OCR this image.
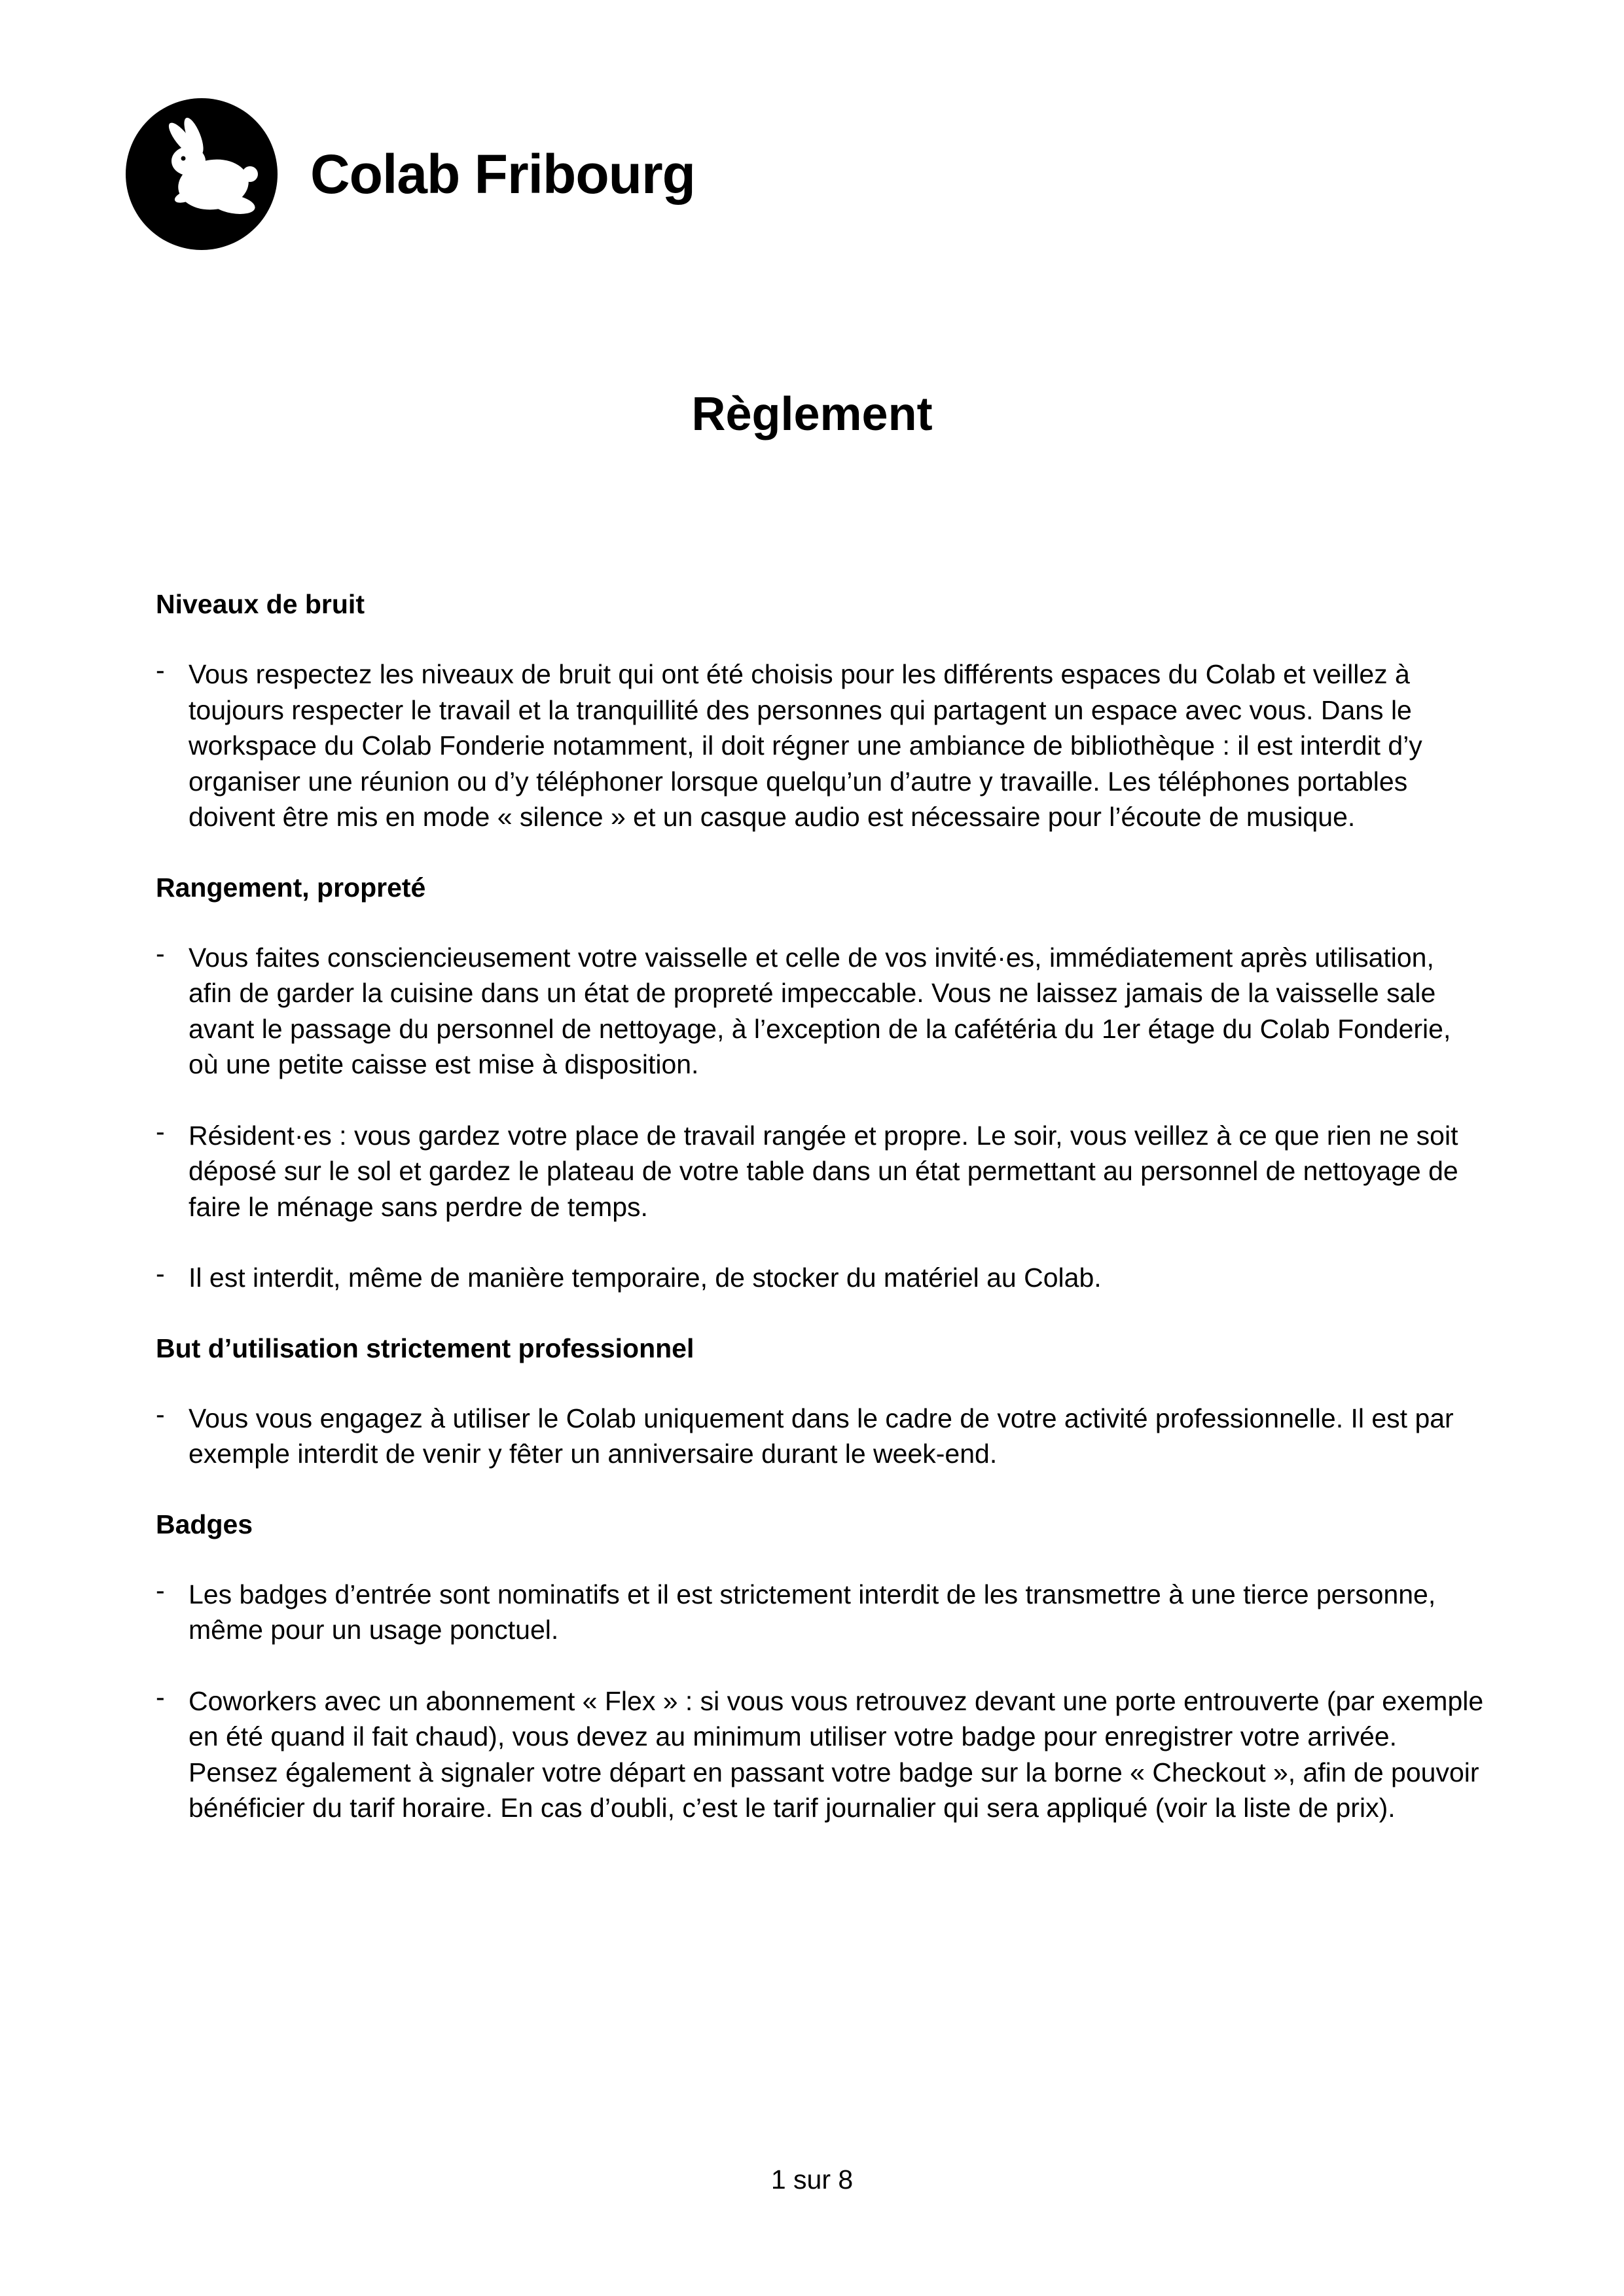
Colab Fribourg
Règlement
Niveaux de bruit
- Vous respectez les niveaux de bruit qui ont été choisis pour les différents espaces du Colab et veillez à toujours respecter le travail et la tranquillité des personnes qui partagent un espace avec vous. Dans le workspace du Colab Fonderie notamment, il doit régner une ambiance de bibliothèque : il est interdit d’y organiser une réunion ou d’y téléphoner lorsque quelqu’un d’autre y travaille. Les téléphones portables doivent être mis en mode « silence » et un casque audio est nécessaire pour l’écoute de musique.
Rangement, propreté
- Vous faites consciencieusement votre vaisselle et celle de vos invité·es, immédiatement après utilisation, afin de garder la cuisine dans un état de propreté impeccable. Vous ne laissez jamais de la vaisselle sale avant le passage du personnel de nettoyage, à l’exception de la cafétéria du 1er étage du Colab Fonderie, où une petite caisse est mise à disposition.
- Résident·es : vous gardez votre place de travail rangée et propre. Le soir, vous veillez à ce que rien ne soit déposé sur le sol et gardez le plateau de votre table dans un état permettant au personnel de nettoyage de faire le ménage sans perdre de temps.
- Il est interdit, même de manière temporaire, de stocker du matériel au Colab.
But d’utilisation strictement professionnel
- Vous vous engagez à utiliser le Colab uniquement dans le cadre de votre activité professionnelle. Il est par exemple interdit de venir y fêter un anniversaire durant le week-end.
Badges
- Les badges d’entrée sont nominatifs et il est strictement interdit de les transmettre à une tierce personne, même pour un usage ponctuel.
- Coworkers avec un abonnement « Flex » : si vous vous retrouvez devant une porte entrouverte (par exemple en été quand il fait chaud), vous devez au minimum utiliser votre badge pour enregistrer votre arrivée. Pensez également à signaler votre départ en passant votre badge sur la borne « Checkout », afin de pouvoir bénéficier du tarif horaire. En cas d’oubli, c’est le tarif journalier qui sera appliqué (voir la liste de prix).
1 sur 8
